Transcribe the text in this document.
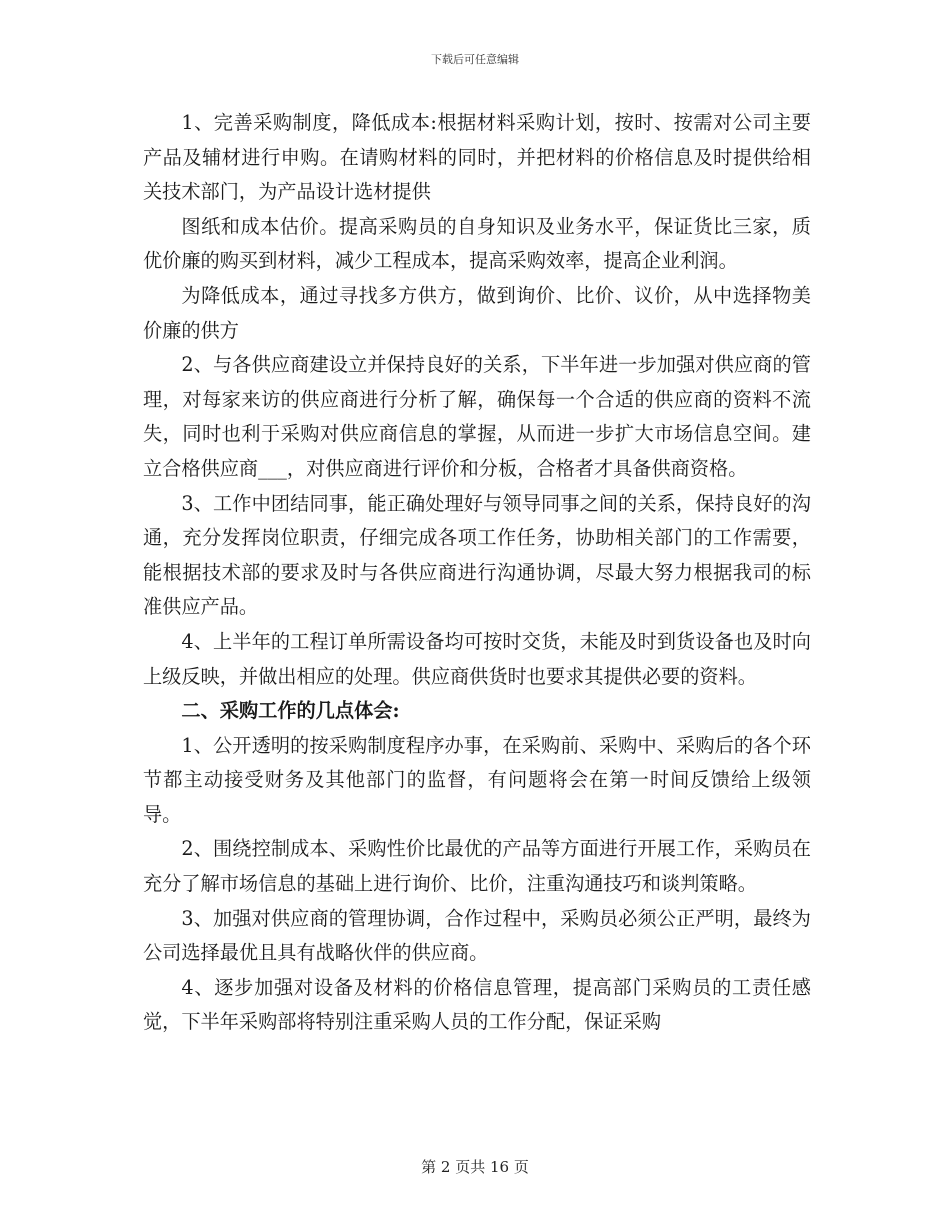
下载后可任意编辑

1、完善采购制度，降低成本:根据材料采购计划，按时、按需对公司主要产品及辅材进行申购。在请购材料的同时，并把材料的价格信息及时提供给相关技术部门，为产品设计选材提供

图纸和成本估价。提高采购员的自身知识及业务水平，保证货比三家，质优价廉的购买到材料，减少工程成本，提高采购效率，提高企业利润。

为降低成本，通过寻找多方供方，做到询价、比价、议价，从中选择物美价廉的供方

2、与各供应商建设立并保持良好的关系，下半年进一步加强对供应商的管理，对每家来访的供应商进行分析了解，确保每一个合适的供应商的资料不流失，同时也利于采购对供应商信息的掌握，从而进一步扩大市场信息空间。建立合格供应商___，对供应商进行评价和分板，合格者才具备供商资格。

3、工作中团结同事，能正确处理好与领导同事之间的关系，保持良好的沟通，充分发挥岗位职责，仔细完成各项工作任务，协助相关部门的工作需要，能根据技术部的要求及时与各供应商进行沟通协调，尽最大努力根据我司的标准供应产品。

4、上半年的工程订单所需设备均可按时交货，未能及时到货设备也及时向上级反映，并做出相应的处理。供应商供货时也要求其提供必要的资料。

二、采购工作的几点体会:

1、公开透明的按采购制度程序办事，在采购前、采购中、采购后的各个环节都主动接受财务及其他部门的监督，有问题将会在第一时间反馈给上级领导。

2、围绕控制成本、采购性价比最优的产品等方面进行开展工作，采购员在充分了解市场信息的基础上进行询价、比价，注重沟通技巧和谈判策略。

3、加强对供应商的管理协调，合作过程中，采购员必须公正严明，最终为公司选择最优且具有战略伙伴的供应商。

4、逐步加强对设备及材料的价格信息管理，提高部门采购员的工责任感觉，下半年采购部将特别注重采购人员的工作分配，保证采购

第 2 页共 16 页
